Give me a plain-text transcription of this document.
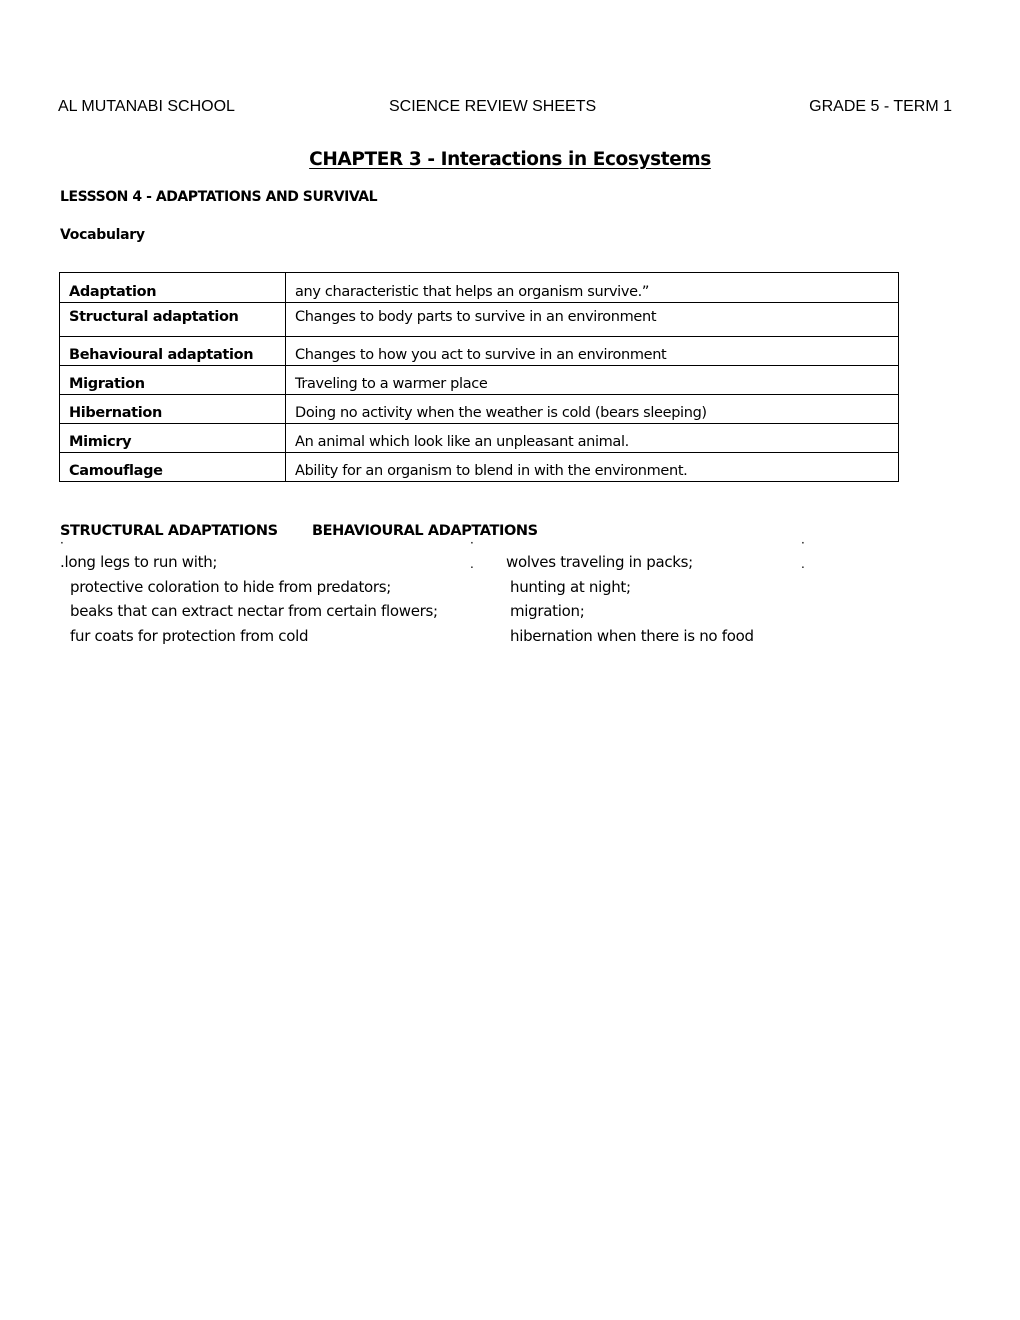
AL MUTANABI SCHOOL	SCIENCE REVIEW SHEETS	GRADE 5 - TERM 1
CHAPTER 3 - Interactions in Ecosystems
LESSSON 4 - ADAPTATIONS AND SURVIVAL
Vocabulary
Adaptation	any characteristic that helps an organism survive.”
Structural adaptation	Changes to body parts to survive in an environment
Behavioural adaptation	Changes to how you act to survive in an environment
Migration	Traveling to a warmer place
Hibernation	Doing no activity when the weather is cold (bears sleeping)
Mimicry	An animal which look like an unpleasant animal.
Camouflage	Ability for an organism to blend in with the environment.
STRUCTURAL ADAPTATIONS BEHAVIOURAL ADAPTATIONS
·	·	·
.	.
.long legs to run with;
protective coloration to hide from predators;
beaks that can extract nectar from certain flowers;
fur coats for protection from cold
wolves traveling in packs;
hunting at night;
migration;
hibernation when there is no food
